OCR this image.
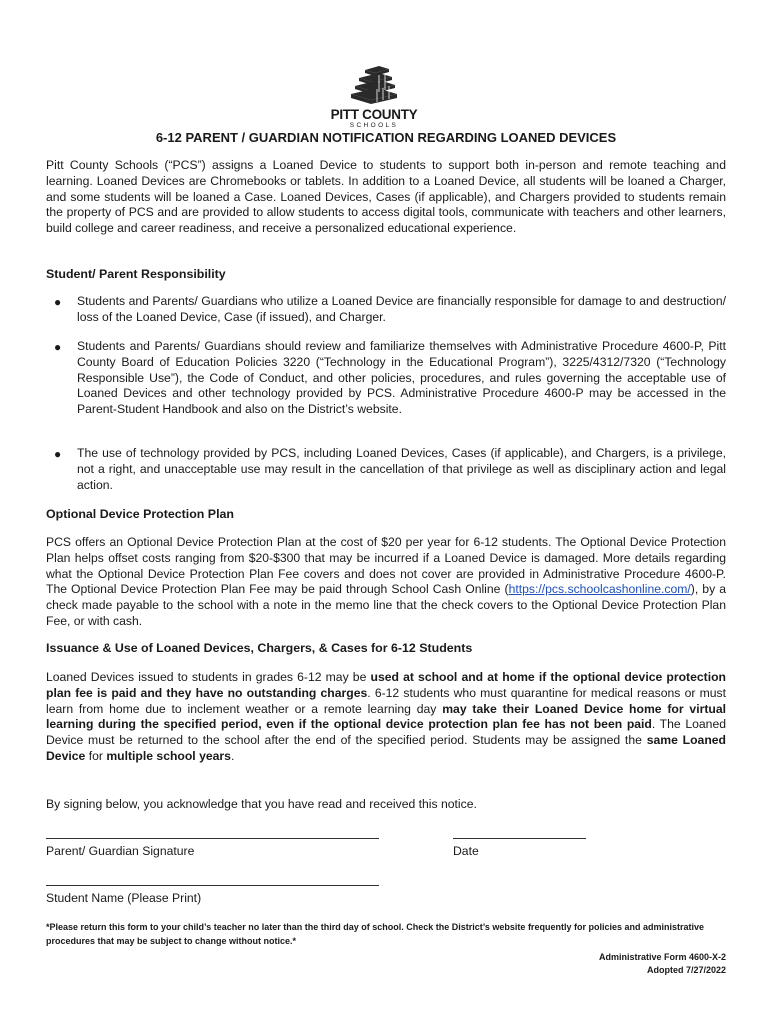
PITT COUNTY
SCHOOLS
6-12 PARENT / GUARDIAN NOTIFICATION REGARDING LOANED DEVICES

Pitt County Schools (“PCS”) assigns a Loaned Device to students to support both in-person and remote teaching and learning. Loaned Devices are Chromebooks or tablets. In addition to a Loaned Device, all students will be loaned a Charger, and some students will be loaned a Case. Loaned Devices, Cases (if applicable), and Chargers provided to students remain the property of PCS and are provided to allow students to access digital tools, communicate with teachers and other learners, build college and career readiness, and receive a personalized educational experience.

Student/ Parent Responsibility

● Students and Parents/ Guardians who utilize a Loaned Device are financially responsible for damage to and destruction/ loss of the Loaned Device, Case (if issued), and Charger.

● Students and Parents/ Guardians should review and familiarize themselves with Administrative Procedure 4600-P, Pitt County Board of Education Policies 3220 (“Technology in the Educational Program”), 3225/4312/7320 (“Technology Responsible Use”), the Code of Conduct, and other policies, procedures, and rules governing the acceptable use of Loaned Devices and other technology provided by PCS. Administrative Procedure 4600-P may be accessed in the Parent-Student Handbook and also on the District’s website.

● The use of technology provided by PCS, including Loaned Devices, Cases (if applicable), and Chargers, is a privilege, not a right, and unacceptable use may result in the cancellation of that privilege as well as disciplinary action and legal action.

Optional Device Protection Plan

PCS offers an Optional Device Protection Plan at the cost of $20 per year for 6-12 students. The Optional Device Protection Plan helps offset costs ranging from $20-$300 that may be incurred if a Loaned Device is damaged. More details regarding what the Optional Device Protection Plan Fee covers and does not cover are provided in Administrative Procedure 4600-P. The Optional Device Protection Plan Fee may be paid through School Cash Online (https://pcs.schoolcashonline.com/), by a check made payable to the school with a note in the memo line that the check covers to the Optional Device Protection Plan Fee, or with cash.

Issuance & Use of Loaned Devices, Chargers, & Cases for 6-12 Students

Loaned Devices issued to students in grades 6-12 may be used at school and at home if the optional device protection plan fee is paid and they have no outstanding charges. 6-12 students who must quarantine for medical reasons or must learn from home due to inclement weather or a remote learning day may take their Loaned Device home for virtual learning during the specified period, even if the optional device protection plan fee has not been paid. The Loaned Device must be returned to the school after the end of the specified period. Students may be assigned the same Loaned Device for multiple school years.

By signing below, you acknowledge that you have read and received this notice.

Parent/ Guardian Signature	Date
Student Name (Please Print)
*Please return this form to your child’s teacher no later than the third day of school. Check the District’s website frequently for policies and administrative procedures that may be subject to change without notice.*
Administrative Form 4600-X-2
Adopted 7/27/2022
